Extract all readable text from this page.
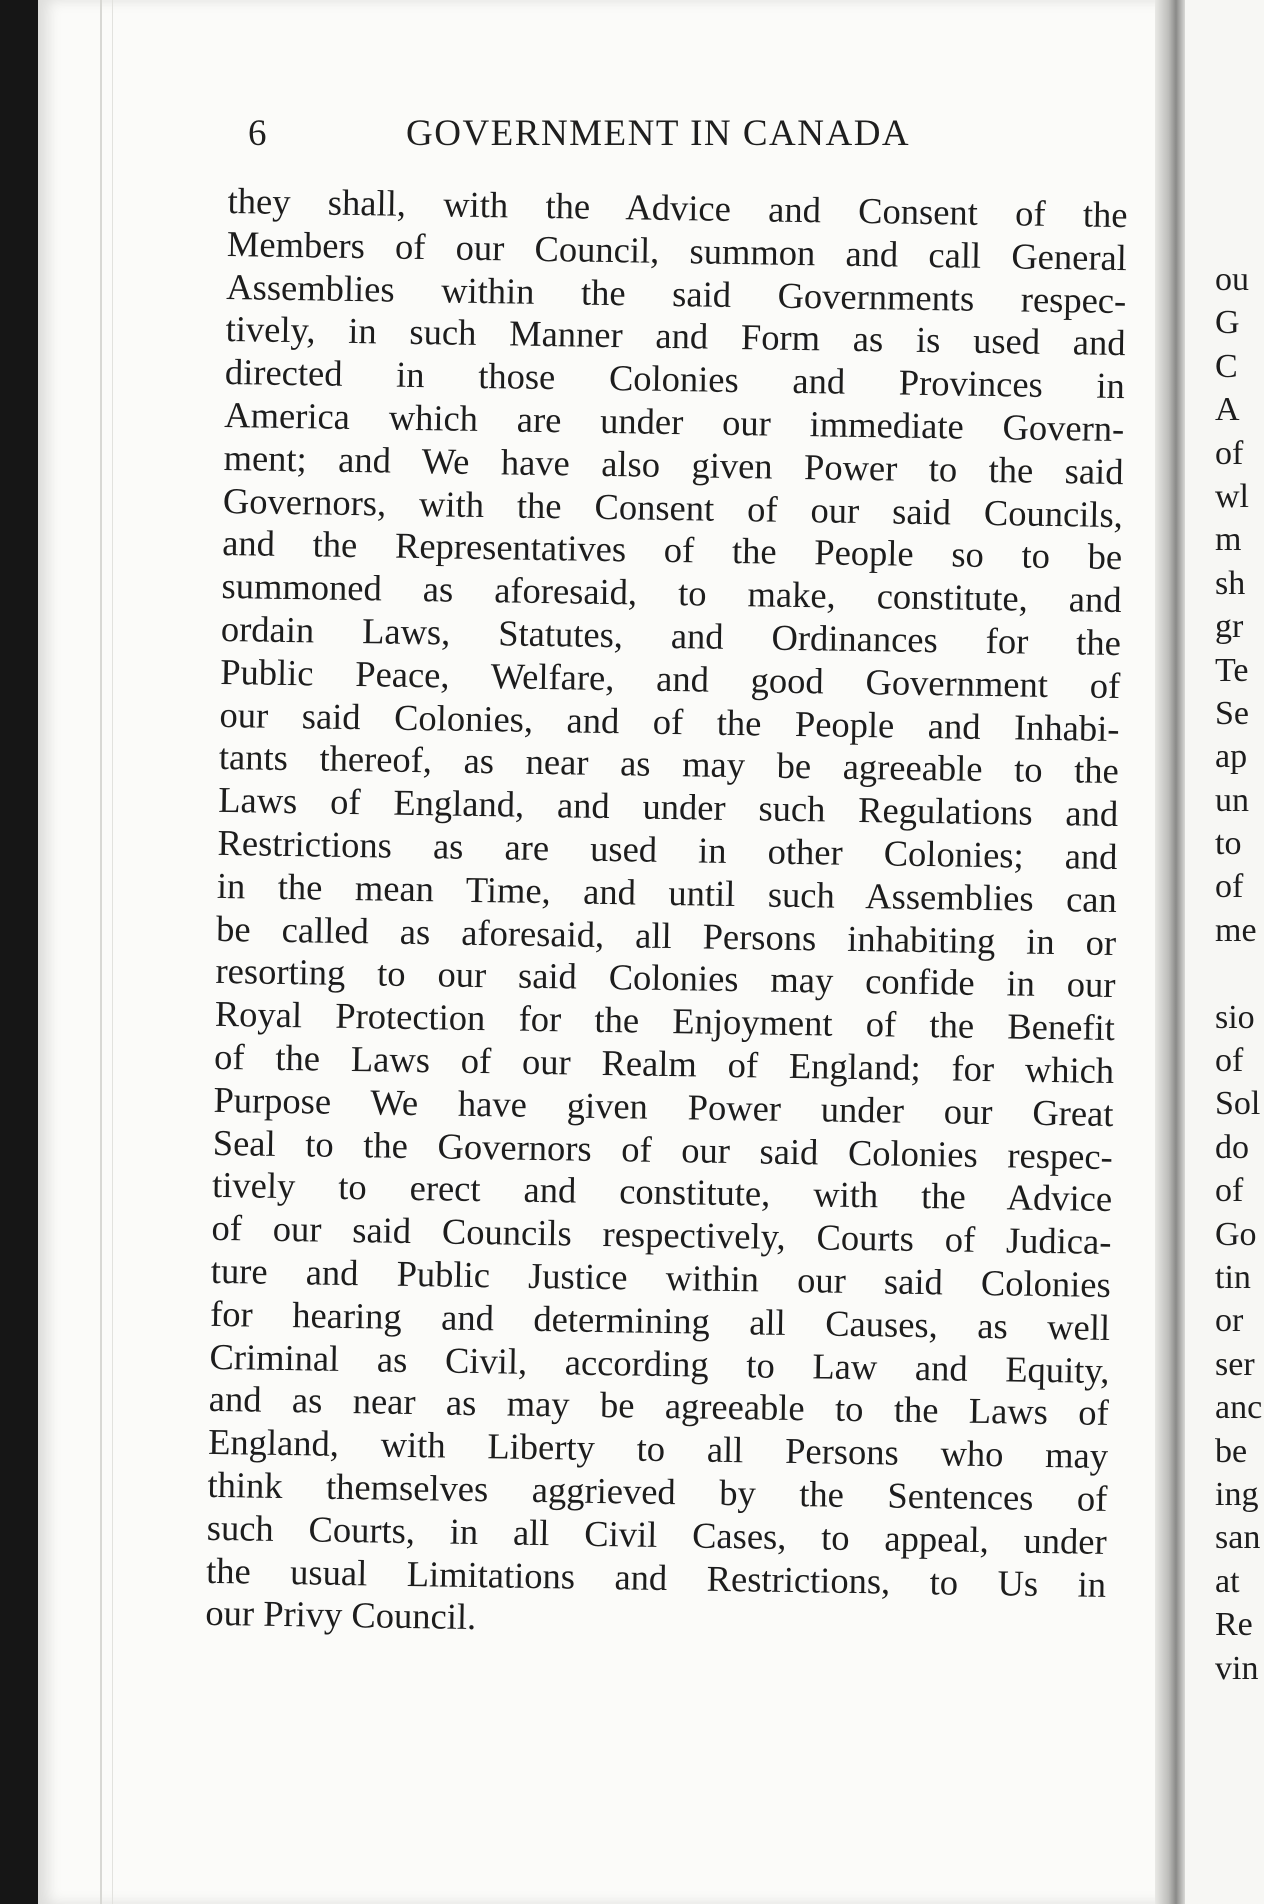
6	GOVERNMENT IN CANADA
they shall, with the Advice and Consent of the
Members of our Council, summon and call General
Assemblies within the said Governments respec-
tively, in such Manner and Form as is used and
directed in those Colonies and Provinces in
America which are under our immediate Govern-
ment; and We have also given Power to the said
Governors, with the Consent of our said Councils,
and the Representatives of the People so to be
summoned as aforesaid, to make, constitute, and
ordain Laws, Statutes, and Ordinances for the
Public Peace, Welfare, and good Government of
our said Colonies, and of the People and Inhabi-
tants thereof, as near as may be agreeable to the
Laws of England, and under such Regulations and
Restrictions as are used in other Colonies; and
in the mean Time, and until such Assemblies can
be called as aforesaid, all Persons inhabiting in or
resorting to our said Colonies may confide in our
Royal Protection for the Enjoyment of the Benefit
of the Laws of our Realm of England; for which
Purpose We have given Power under our Great
Seal to the Governors of our said Colonies respec-
tively to erect and constitute, with the Advice
of our said Councils respectively, Courts of Judica-
ture and Public Justice within our said Colonies
for hearing and determining all Causes, as well
Criminal as Civil, according to Law and Equity,
and as near as may be agreeable to the Laws of
England, with Liberty to all Persons who may
think themselves aggrieved by the Sentences of
such Courts, in all Civil Cases, to appeal, under
the usual Limitations and Restrictions, to Us in
our Privy Council.
ou
G
C
A
of
wl
m
sh
gr
Te
Se
ap
un
to
of
me
sio
of
Sol
do
of
Go
tin
or
ser
anc
be
ing
san
at
Re
vin
